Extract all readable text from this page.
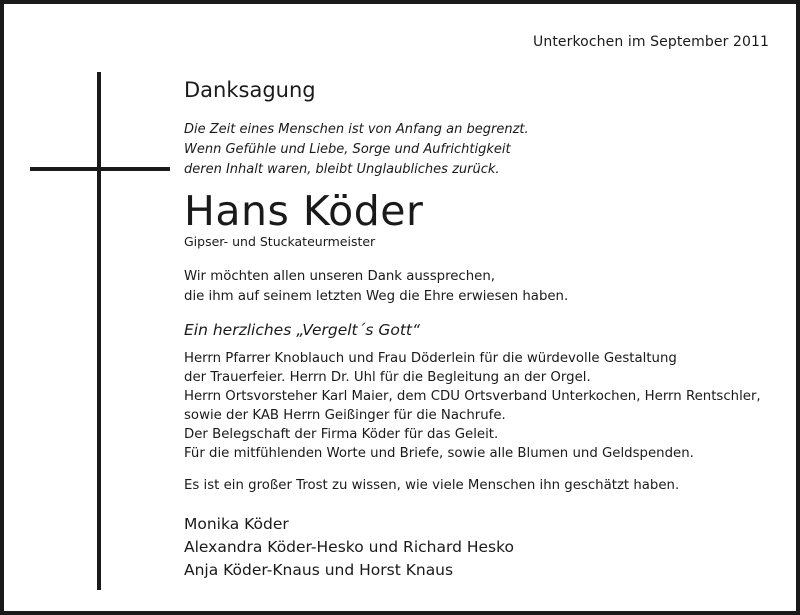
Unterkochen im September 2011
Danksagung
Die Zeit eines Menschen ist von Anfang an begrenzt.
Wenn Gefühle und Liebe, Sorge und Aufrichtigkeit
deren Inhalt waren, bleibt Unglaubliches zurück.
Hans Köder
Gipser- und Stuckateurmeister
Wir möchten allen unseren Dank aussprechen,
die ihm auf seinem letzten Weg die Ehre erwiesen haben.
Ein herzliches „Vergelt´s Gott“
Herrn Pfarrer Knoblauch und Frau Döderlein für die würdevolle Gestaltung
der Trauerfeier. Herrn Dr. Uhl für die Begleitung an der Orgel.
Herrn Ortsvorsteher Karl Maier, dem CDU Ortsverband Unterkochen, Herrn Rentschler,
sowie der KAB Herrn Geißinger für die Nachrufe.
Der Belegschaft der Firma Köder für das Geleit.
Für die mitfühlenden Worte und Briefe, sowie alle Blumen und Geldspenden.
Es ist ein großer Trost zu wissen, wie viele Menschen ihn geschätzt haben.
Monika Köder
Alexandra Köder-Hesko und Richard Hesko
Anja Köder-Knaus und Horst Knaus
